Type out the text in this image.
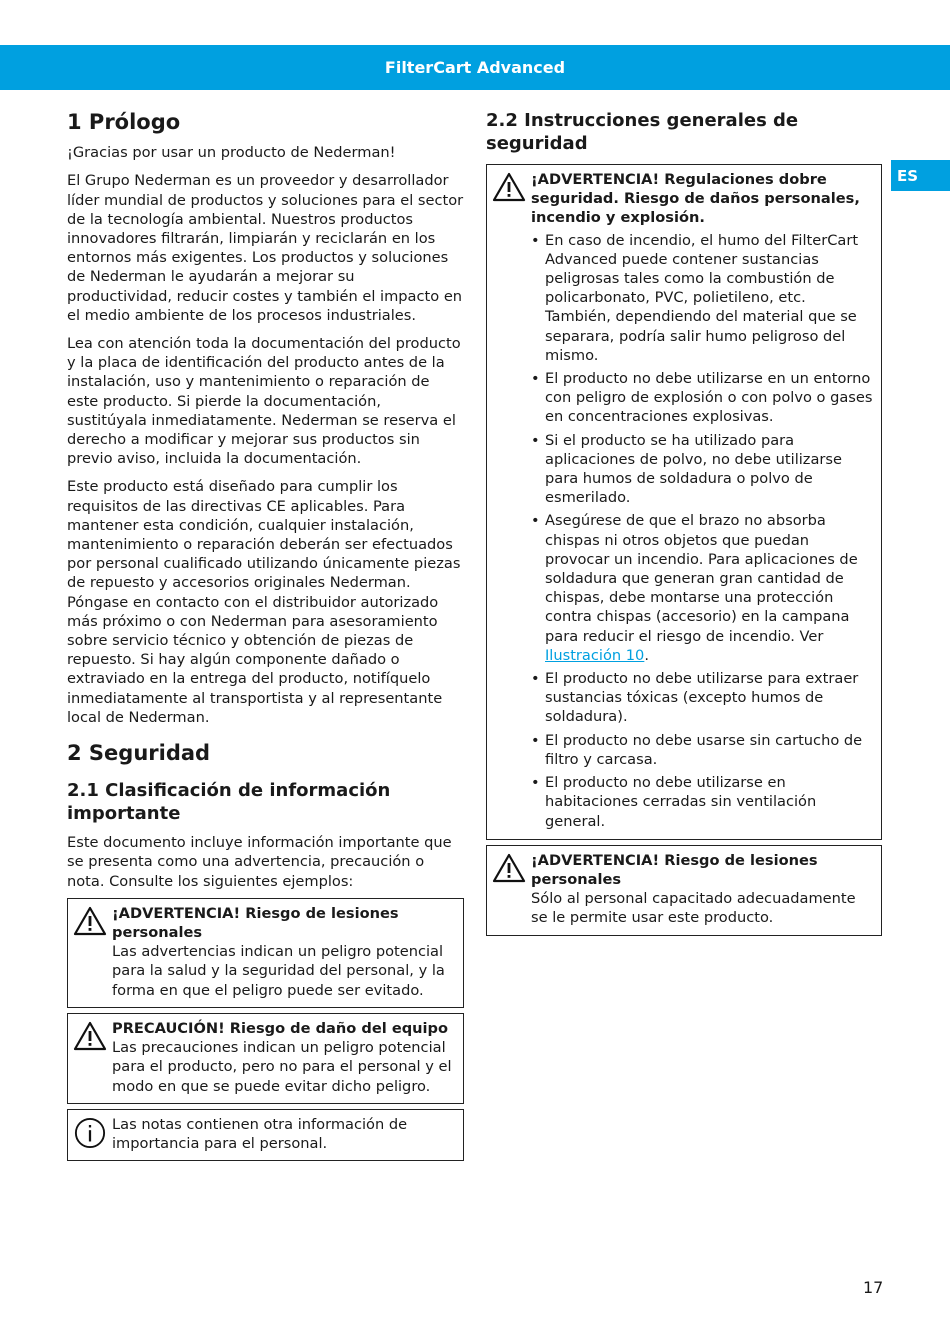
FilterCart Advanced
ES
1 Prólogo

¡Gracias por usar un producto de Nederman!

El Grupo Nederman es un proveedor y desarrollador líder mundial de productos y soluciones para el sector de la tecnología ambiental. Nuestros productos innovadores filtrarán, limpiarán y reciclarán en los entornos más exigentes. Los productos y soluciones de Nederman le ayudarán a mejorar su productividad, reducir costes y también el impacto en el medio ambiente de los procesos industriales.

Lea con atención toda la documentación del producto y la placa de identificación del producto antes de la instalación, uso y mantenimiento o reparación de este producto. Si pierde la documentación, sustitúyala inmediatamente. Nederman se reserva el derecho a modificar y mejorar sus productos sin previo aviso, incluida la documentación.

Este producto está diseñado para cumplir los requisitos de las directivas CE aplicables. Para mantener esta condición, cualquier instalación, mantenimiento o reparación deberán ser efectuados por personal cualificado utilizando únicamente piezas de repuesto y accesorios originales Nederman. Póngase en contacto con el distribuidor autorizado más próximo o con Nederman para asesoramiento sobre servicio técnico y obtención de piezas de repuesto. Si hay algún componente dañado o extraviado en la entrega del producto, notifíquelo inmediatamente al transportista y al representante local de Nederman.

2 Seguridad
2.1 Clasificación de información importante

Este documento incluye información importante que se presenta como una advertencia, precaución o nota. Consulte los siguientes ejemplos:

¡ADVERTENCIA! Riesgo de lesiones personales
Las advertencias indican un peligro potencial para la salud y la seguridad del personal, y la forma en que el peligro puede ser evitado.
PRECAUCIÓN! Riesgo de daño del equipo
Las precauciones indican un peligro potencial para el producto, pero no para el personal y el modo en que se puede evitar dicho peligro.
Las notas contienen otra información de importancia para el personal.
2.2 Instrucciones generales de seguridad
¡ADVERTENCIA! Regulaciones dobre seguridad. Riesgo de daños personales, incendio y explosión.
• En caso de incendio, el humo del FilterCart Advanced puede contener sustancias peligrosas tales como la combustión de policarbonato, PVC, polietileno, etc. También, dependiendo del material que se separara, podría salir humo peligroso del mismo.
• El producto no debe utilizarse en un entorno con peligro de explosión o con polvo o gases en concentraciones explosivas.
• Si el producto se ha utilizado para aplicaciones de polvo, no debe utilizarse para humos de soldadura o polvo de esmerilado.
• Asegúrese de que el brazo no absorba chispas ni otros objetos que puedan provocar un incendio. Para aplicaciones de soldadura que generan gran cantidad de chispas, debe montarse una protección contra chispas (accesorio) en la campana para reducir el riesgo de incendio. Ver Ilustración 10.
• El producto no debe utilizarse para extraer sustancias tóxicas (excepto humos de soldadura).
• El producto no debe usarse sin cartucho de filtro y carcasa.
• El producto no debe utilizarse en habitaciones cerradas sin ventilación general.
¡ADVERTENCIA! Riesgo de lesiones personales
Sólo al personal capacitado adecuadamente se le permite usar este producto.
17
